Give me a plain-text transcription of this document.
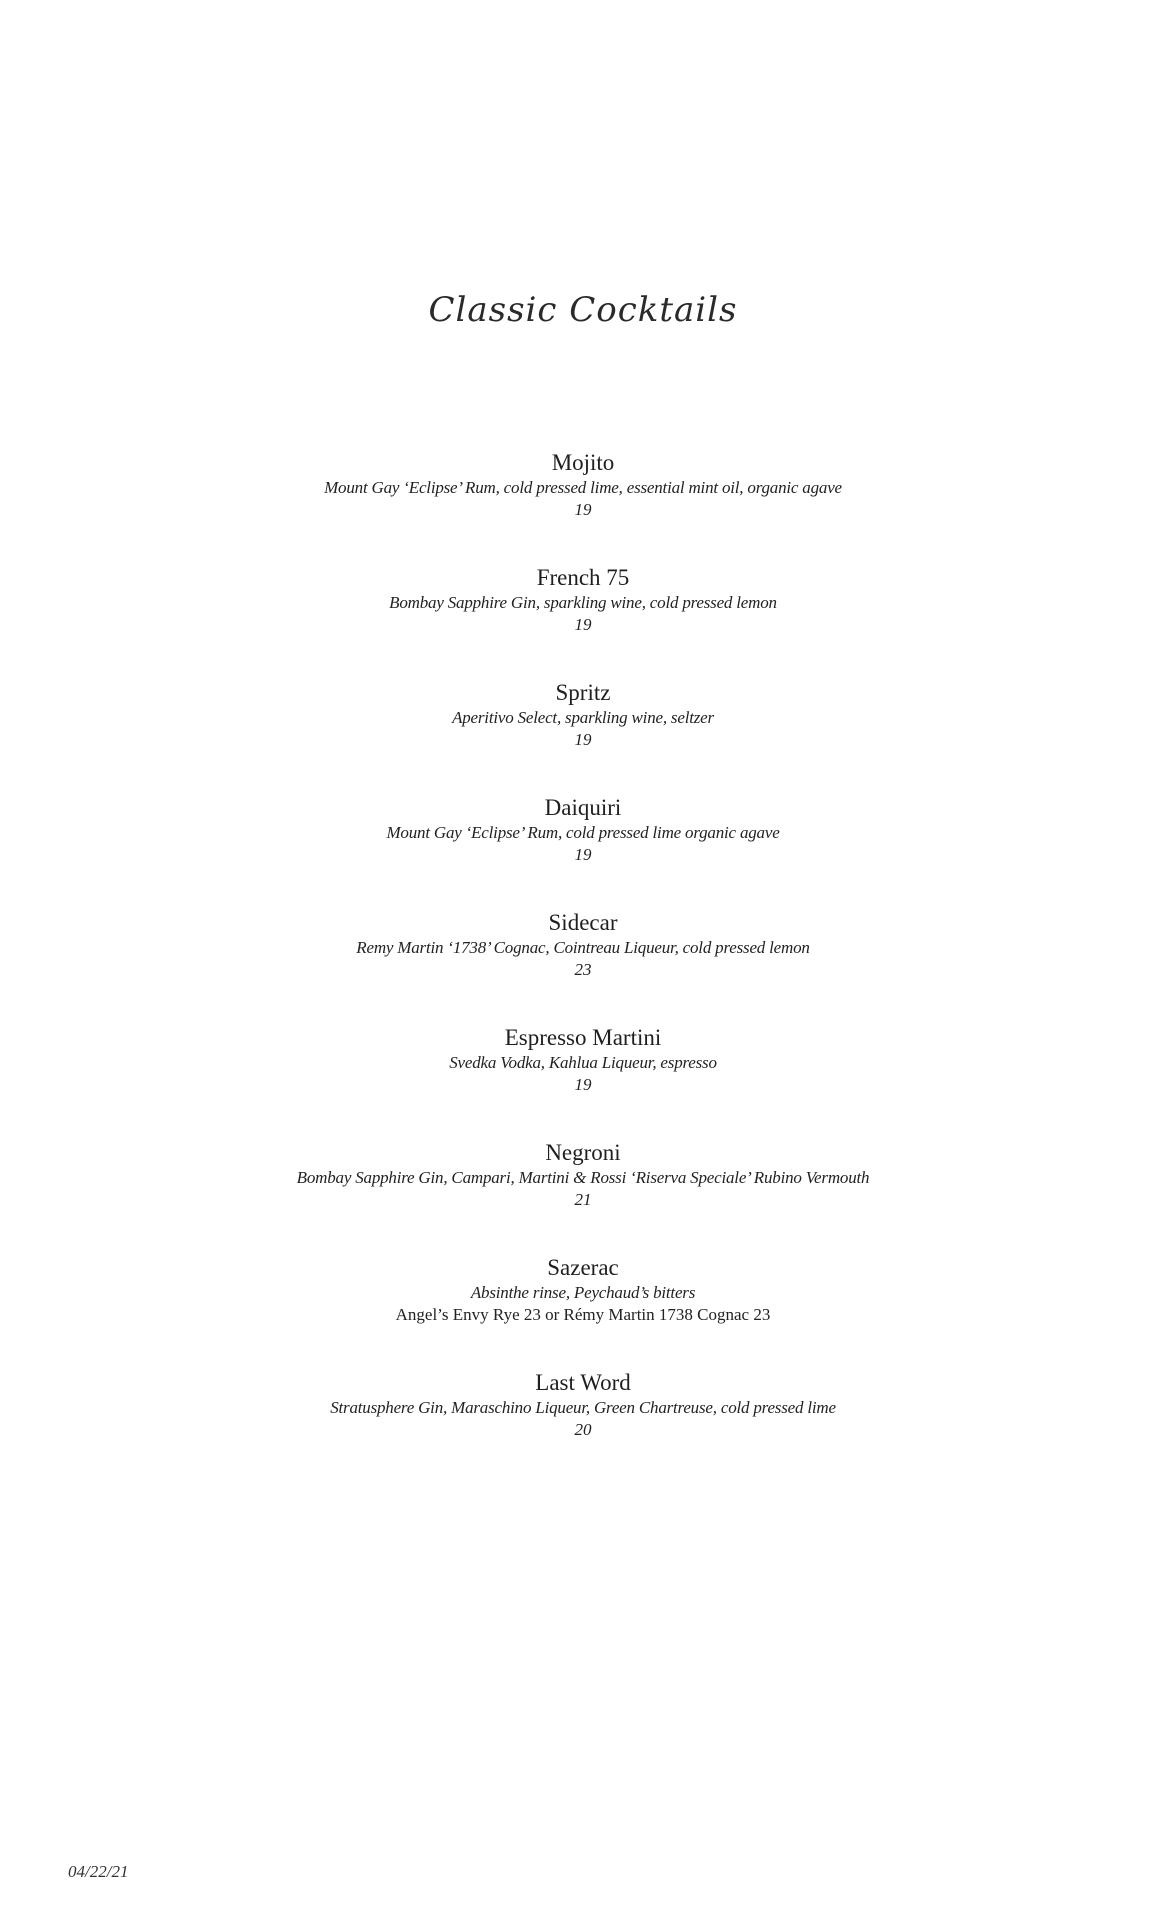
Classic Cocktails
Mojito
Mount Gay ‘Eclipse’ Rum, cold pressed lime, essential mint oil, organic agave
19
French 75
Bombay Sapphire Gin, sparkling wine, cold pressed lemon
19
Spritz
Aperitivo Select, sparkling wine, seltzer
19
Daiquiri
Mount Gay ‘Eclipse’ Rum, cold pressed lime organic agave
19
Sidecar
Remy Martin ‘1738’ Cognac, Cointreau Liqueur, cold pressed lemon
23
Espresso Martini
Svedka Vodka, Kahlua Liqueur, espresso
19
Negroni
Bombay Sapphire Gin, Campari, Martini & Rossi ‘Riserva Speciale’ Rubino Vermouth
21
Sazerac
Absinthe rinse, Peychaud’s bitters
Angel’s Envy Rye 23 or Rémy Martin 1738 Cognac 23
Last Word
Stratusphere Gin, Maraschino Liqueur, Green Chartreuse, cold pressed lime
20
04/22/21
